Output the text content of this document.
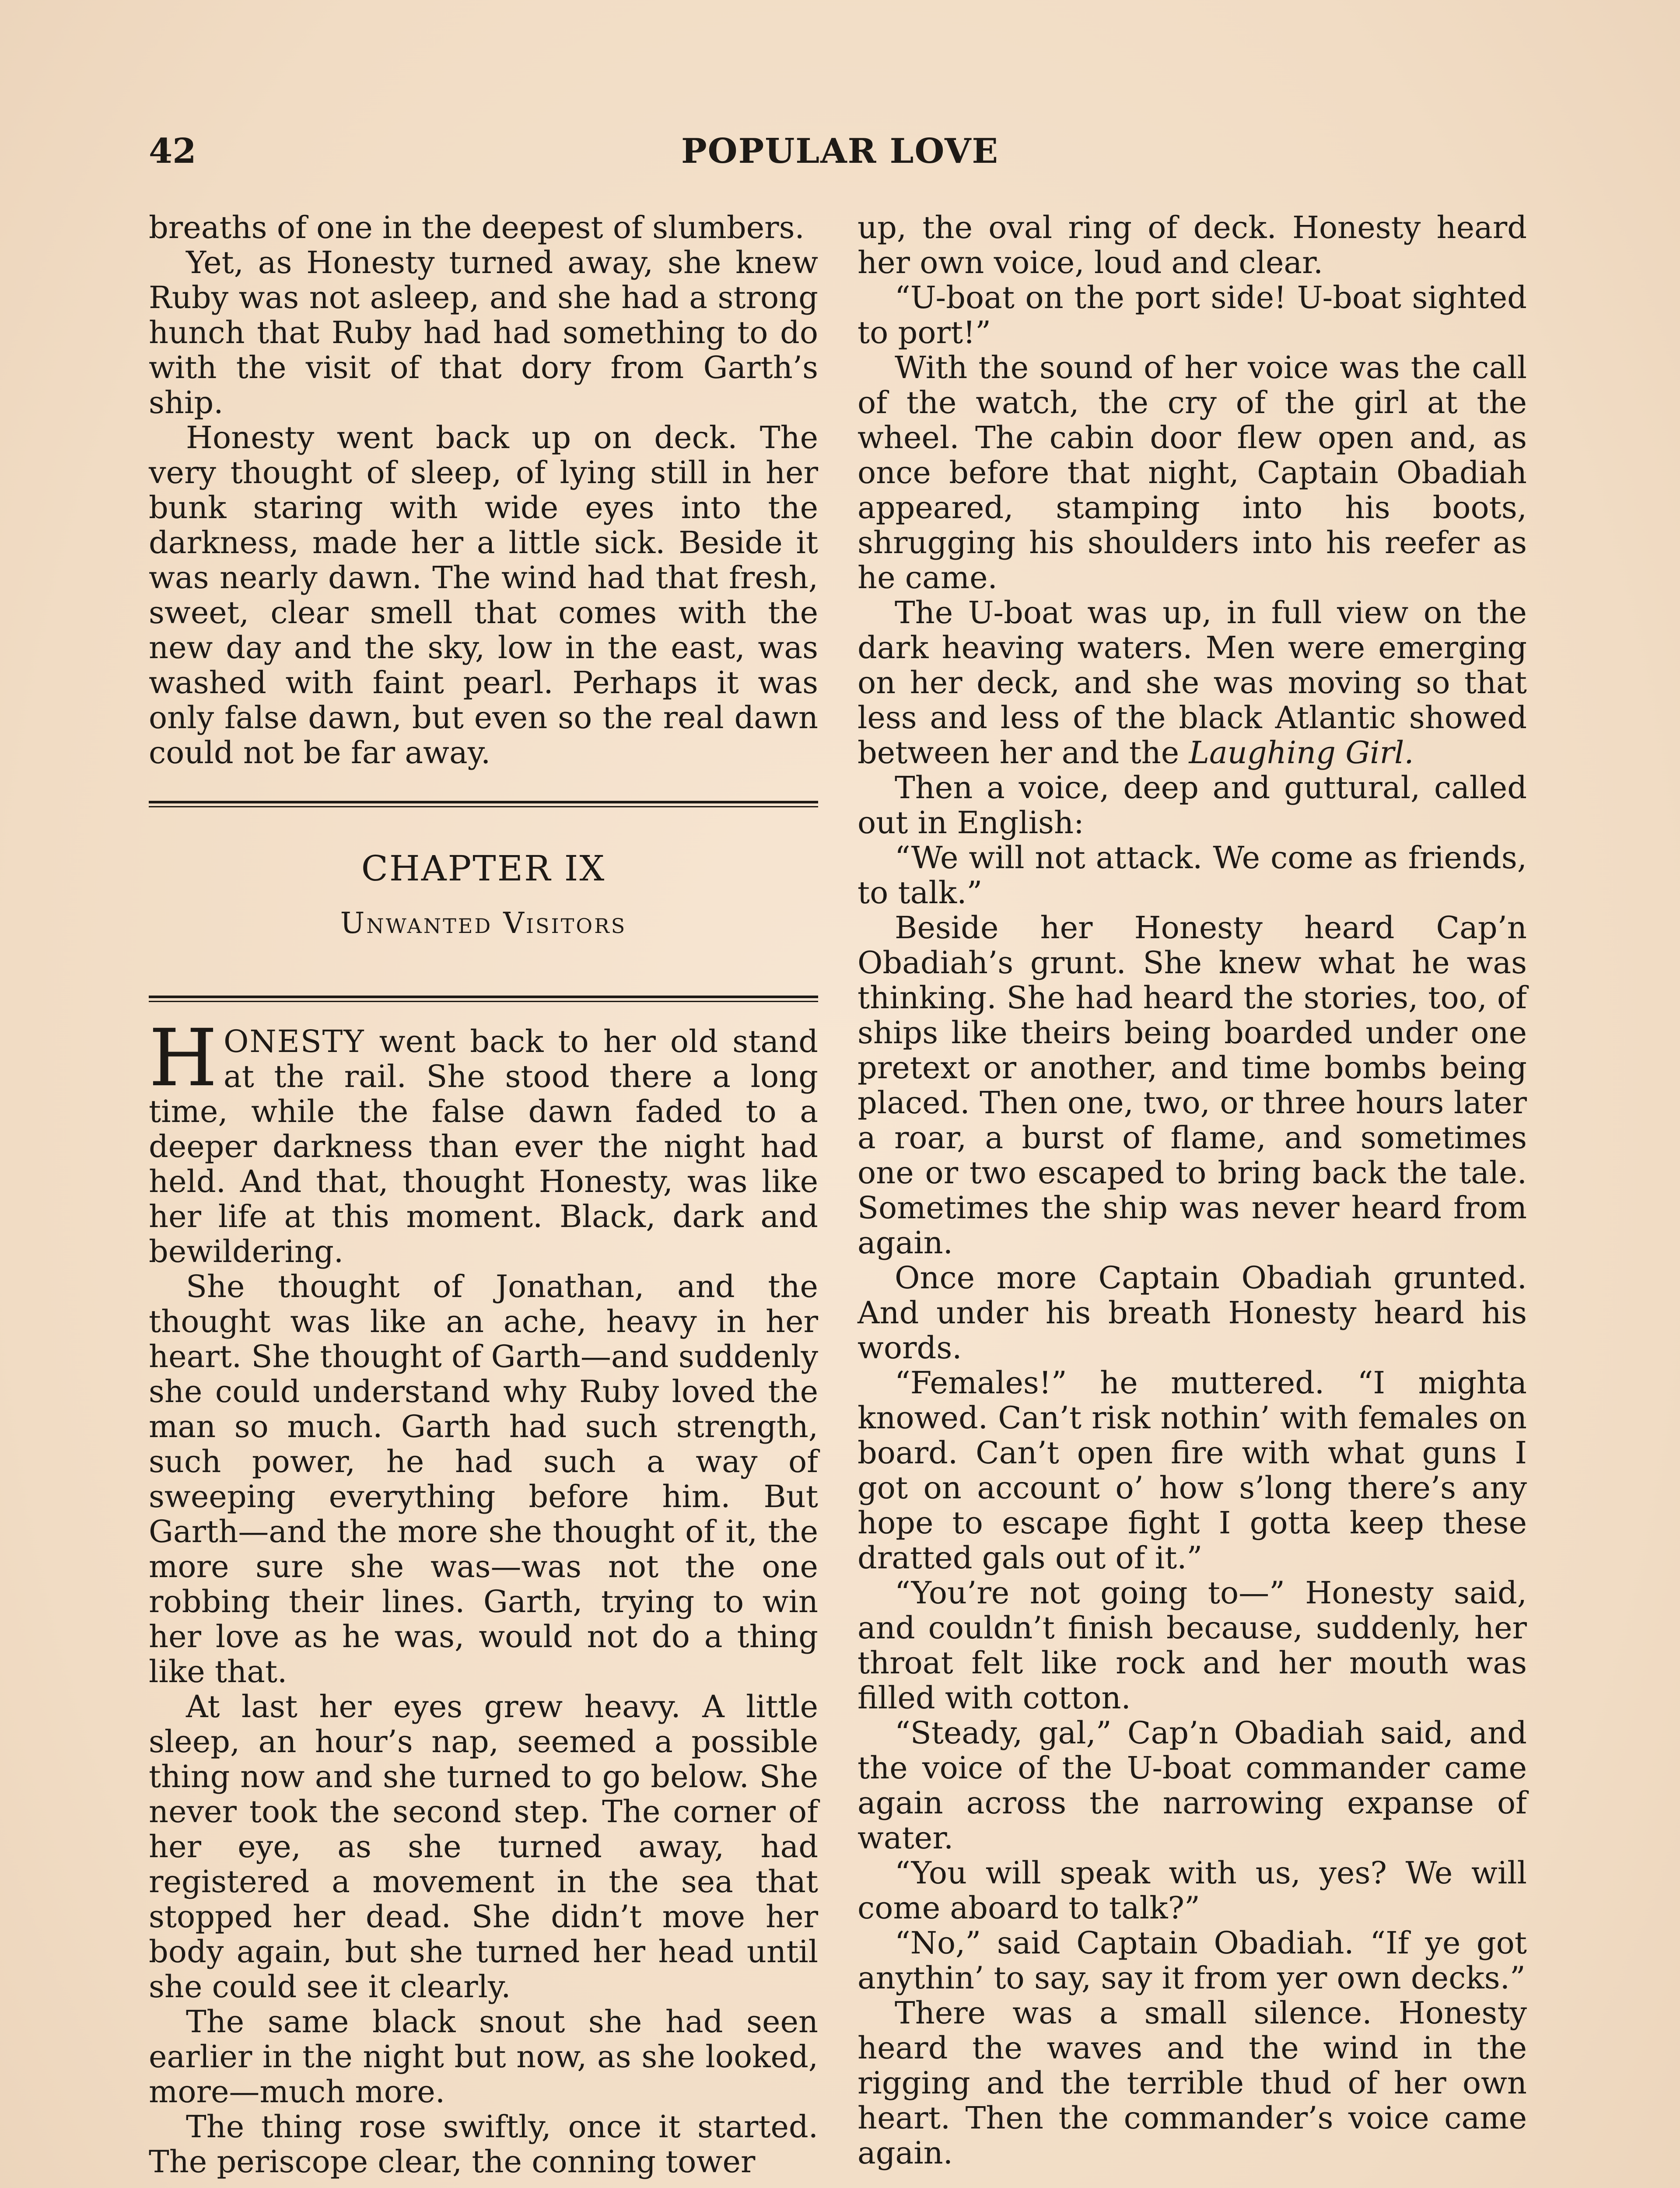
42	POPULAR LOVE

breaths of one in the deepest of slumbers.

Yet, as Honesty turned away, she knew Ruby was not asleep, and she had a strong hunch that Ruby had had something to do with the visit of that dory from Garth’s ship.

Honesty went back up on deck. The very thought of sleep, of lying still in her bunk staring with wide eyes into the darkness, made her a little sick. Beside it was nearly dawn. The wind had that fresh, sweet, clear smell that comes with the new day and the sky, low in the east, was washed with faint pearl. Perhaps it was only false dawn, but even so the real dawn could not be far away.

CHAPTER IX
Unwanted Visitors

HONESTY went back to her old stand at the rail. She stood there a long time, while the false dawn faded to a deeper darkness than ever the night had held. And that, thought Honesty, was like her life at this moment. Black, dark and bewildering.

She thought of Jonathan, and the thought was like an ache, heavy in her heart. She thought of Garth—and suddenly she could understand why Ruby loved the man so much. Garth had such strength, such power, he had such a way of sweeping everything before him. But Garth—and the more she thought of it, the more sure she was—was not the one robbing their lines. Garth, trying to win her love as he was, would not do a thing like that.

At last her eyes grew heavy. A little sleep, an hour’s nap, seemed a possible thing now and she turned to go below. She never took the second step. The corner of her eye, as she turned away, had registered a movement in the sea that stopped her dead. She didn’t move her body again, but she turned her head until she could see it clearly.

The same black snout she had seen earlier in the night but now, as she looked, more—much more.

The thing rose swiftly, once it started. The periscope clear, the conning tower

up, the oval ring of deck. Honesty heard her own voice, loud and clear.

“U-boat on the port side! U-boat sighted to port!”

With the sound of her voice was the call of the watch, the cry of the girl at the wheel. The cabin door flew open and, as once before that night, Captain Obadiah appeared, stamping into his boots, shrugging his shoulders into his reefer as he came.

The U-boat was up, in full view on the dark heaving waters. Men were emerging on her deck, and she was moving so that less and less of the black Atlantic showed between her and the Laughing Girl.

Then a voice, deep and guttural, called out in English:

“We will not attack. We come as friends, to talk.”

Beside her Honesty heard Cap’n Obadiah’s grunt. She knew what he was thinking. She had heard the stories, too, of ships like theirs being boarded under one pretext or another, and time bombs being placed. Then one, two, or three hours later a roar, a burst of flame, and sometimes one or two escaped to bring back the tale. Sometimes the ship was never heard from again.

Once more Captain Obadiah grunted. And under his breath Honesty heard his words.

“Females!” he muttered. “I mighta knowed. Can’t risk nothin’ with females on board. Can’t open fire with what guns I got on account o’ how s’long there’s any hope to escape fight I gotta keep these dratted gals out of it.”

“You’re not going to—” Honesty said, and couldn’t finish because, suddenly, her throat felt like rock and her mouth was filled with cotton.

“Steady, gal,” Cap’n Obadiah said, and the voice of the U-boat commander came again across the narrowing expanse of water.

“You will speak with us, yes? We will come aboard to talk?”

“No,” said Captain Obadiah. “If ye got anythin’ to say, say it from yer own decks.”

There was a small silence. Honesty heard the waves and the wind in the rigging and the terrible thud of her own heart. Then the commander’s voice came again.
